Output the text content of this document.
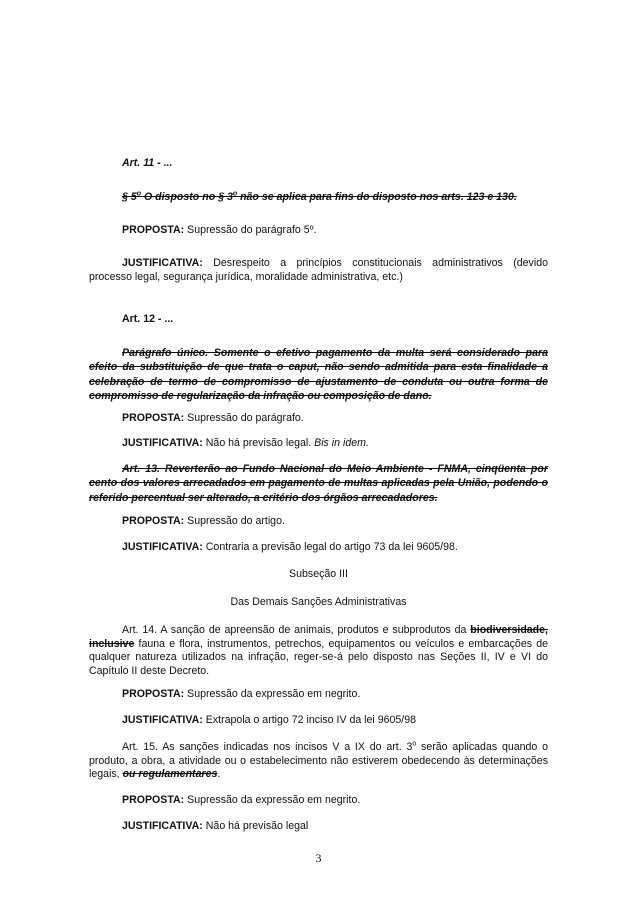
Art. 11 - ...

§ 5$^o$ O disposto no § 3$^o$ não se aplica para fins do disposto nos arts. 123 e 130.

PROPOSTA: Supressão do parágrafo 5º.

JUSTIFICATIVA: Desrespeito a princípios constitucionais administrativos (devido processo legal, segurança jurídica, moralidade administrativa, etc.)

Art. 12 - ...

Parágrafo único. Somente o efetivo pagamento da multa será considerado para efeito da substituição de que trata o caput, não sendo admitida para esta finalidade a celebração de termo de compromisso de ajustamento de conduta ou outra forma de compromisso de regularização da infração ou composição de dano.

PROPOSTA: Supressão do parágrafo.

JUSTIFICATIVA: Não há previsão legal. Bis in idem.

Art. 13. Reverterão ao Fundo Nacional do Meio Ambiente - FNMA, cinqüenta por cento dos valores arrecadados em pagamento de multas aplicadas pela União, podendo o referido percentual ser alterado, a critério dos órgãos arrecadadores.

PROPOSTA: Supressão do artigo.

JUSTIFICATIVA: Contraria a previsão legal do artigo 73 da lei 9605/98.

Subseção III

Das Demais Sanções Administrativas

Art. 14. A sanção de apreensão de animais, produtos e subprodutos da biodiversidade, inclusive fauna e flora, instrumentos, petrechos, equipamentos ou veículos e embarcações de qualquer natureza utilizados na infração, reger-se-á pelo disposto nas Seções II, IV e VI do Capítulo II deste Decreto.

PROPOSTA: Supressão da expressão em negrito.

JUSTIFICATIVA: Extrapola o artigo 72 inciso IV da lei 9605/98

Art. 15. As sanções indicadas nos incisos V a IX do art. 3$^o$ serão aplicadas quando o produto, a obra, a atividade ou o estabelecimento não estiverem obedecendo às determinações legais, ou regulamentares.

PROPOSTA: Supressão da expressão em negrito.

JUSTIFICATIVA: Não há previsão legal

3
